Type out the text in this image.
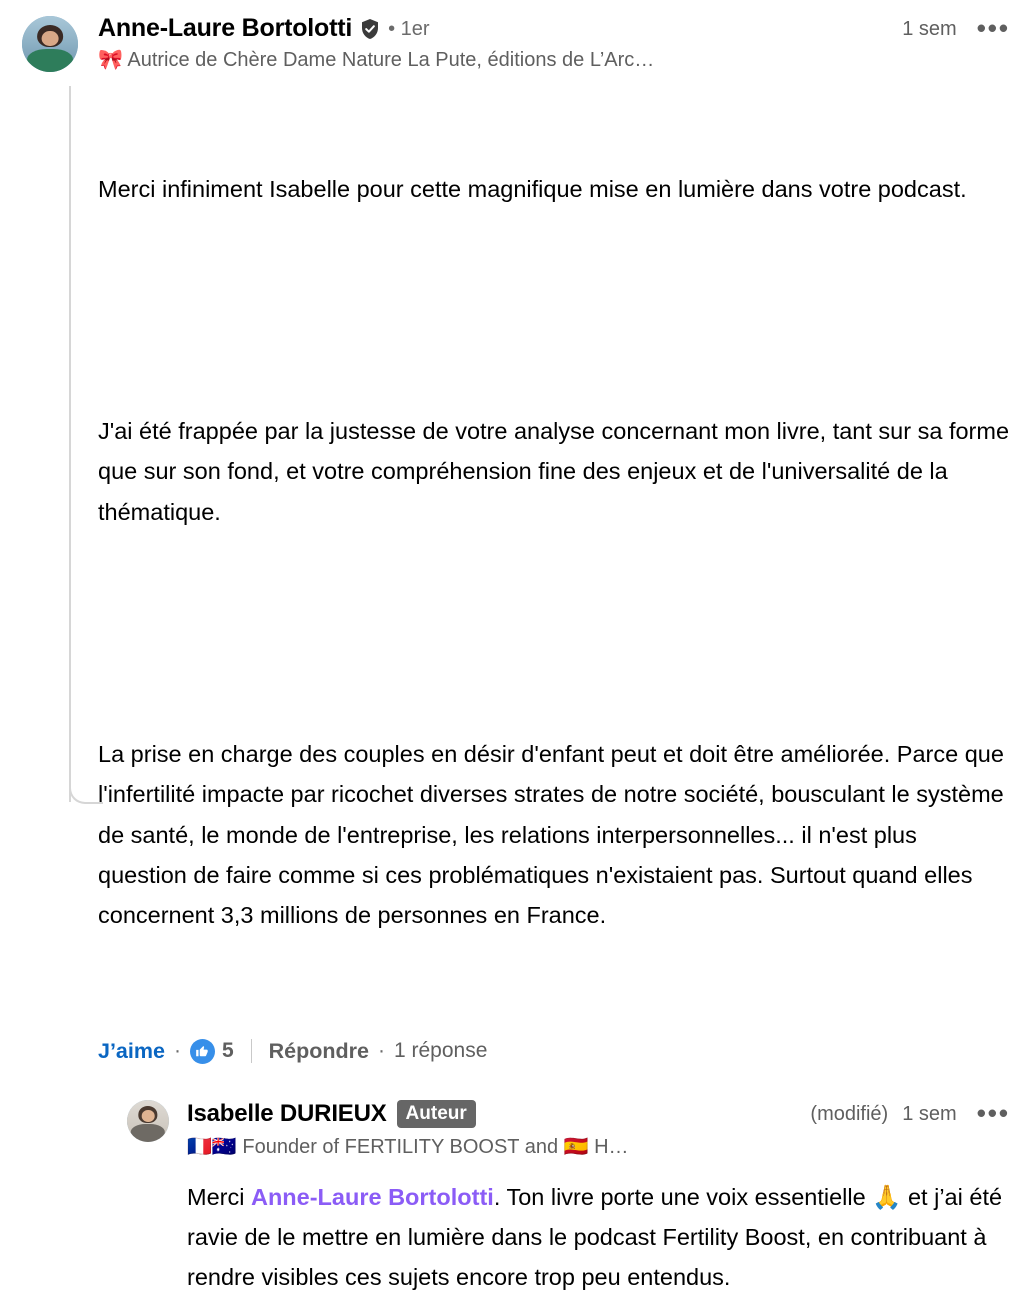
Anne-Laure Bortolotti • 1er	1 sem •••
🎀 Autrice de Chère Dame Nature La Pute, éditions de L’Arc…

Merci infiniment Isabelle pour cette magnifique mise en lumière dans votre podcast.

J'ai été frappée par la justesse de votre analyse concernant mon livre, tant sur sa forme que sur son fond, et votre compréhension fine des enjeux et de l'universalité de la thématique.

La prise en charge des couples en désir d'enfant peut et doit être améliorée. Parce que l'infertilité impacte par ricochet diverses strates de notre société, bousculant le système de santé, le monde de l'entreprise, les relations interpersonnelles... il n'est plus question de faire comme si ces problématiques n'existaient pas. Surtout quand elles concernent 3,3 millions de personnes en France.

J’aime ·	5 Répondre · 1 réponse
Isabelle DURIEUX	Auteur	(modifié) 1 sem •••
🇫🇷🇦🇺 Founder of FERTILITY BOOST and 🇪🇸 H…
Merci Anne-Laure Bortolotti. Ton livre porte une voix essentielle 🙏 et j’ai été ravie de le mettre en lumière dans le podcast Fertility Boost, en contribuant à rendre visibles ces sujets encore trop peu entendus.
